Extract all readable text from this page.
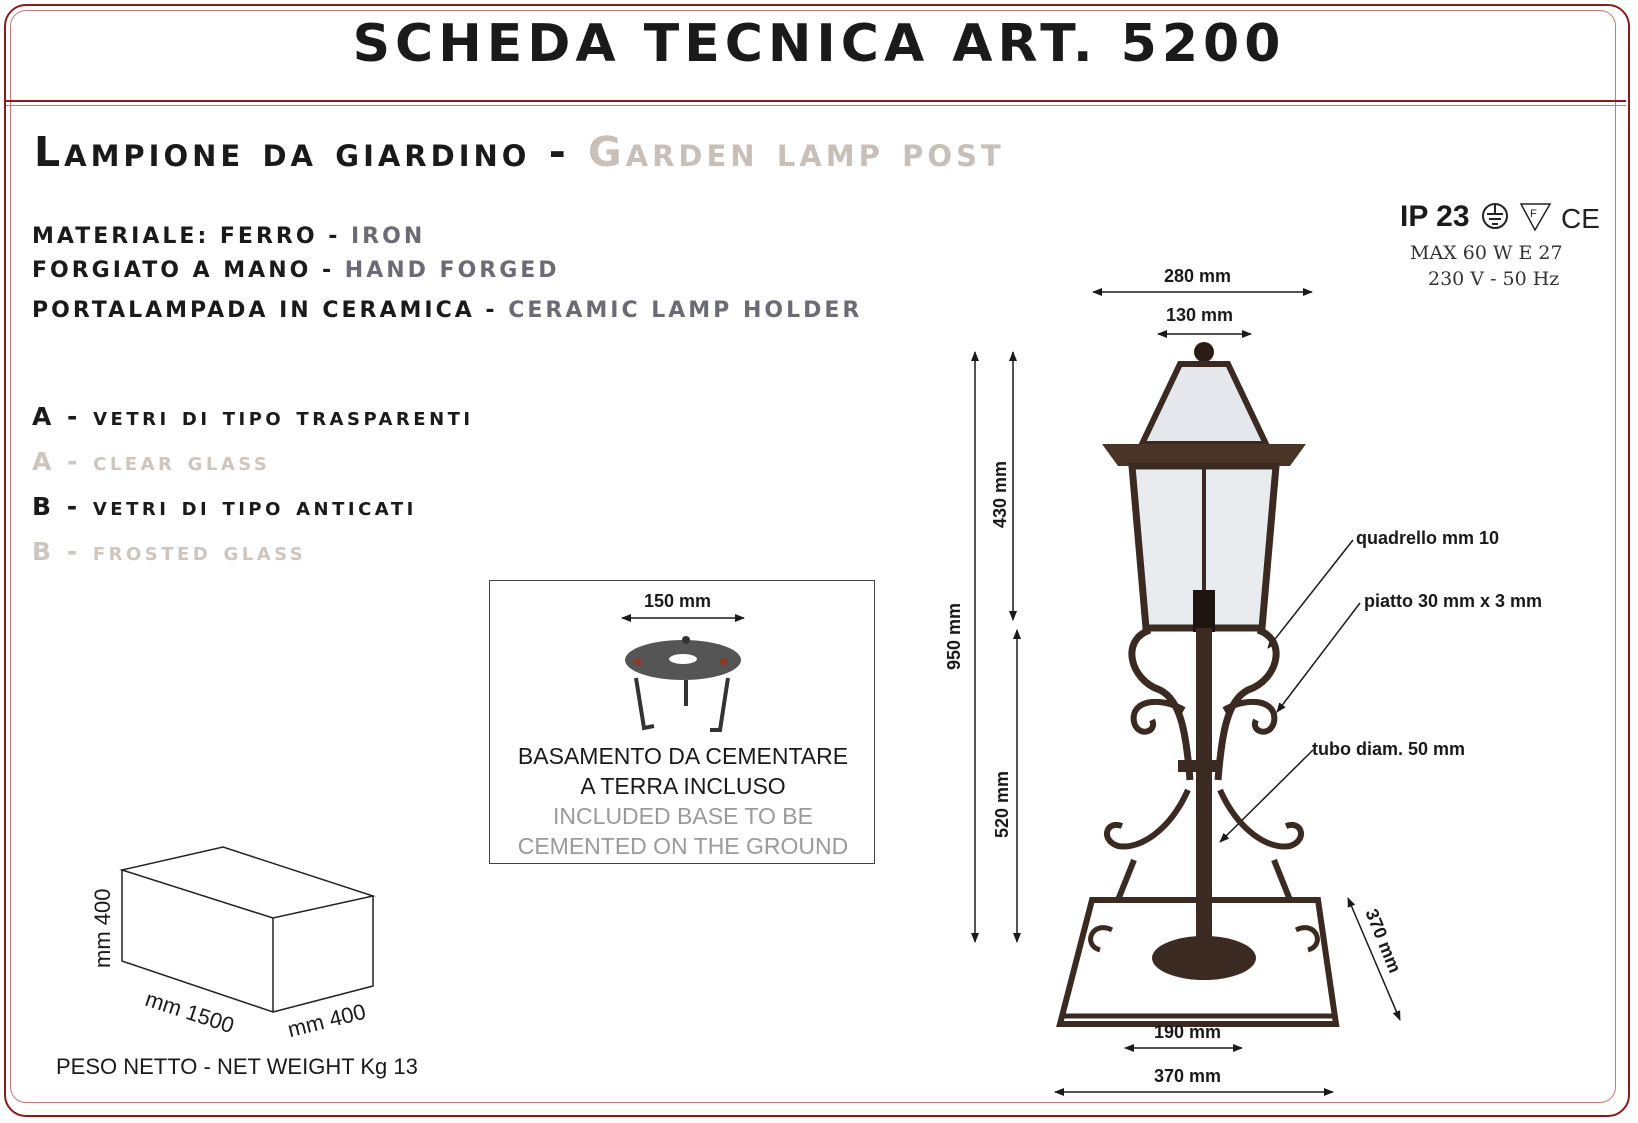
SCHEDA TECNICA ART. 5200
Lampione da giardino - Garden lamp post
MATERIALE: FERRO - IRON
FORGIATO A MANO - HAND FORGED
PORTALAMPADA IN CERAMICA - CERAMIC LAMP HOLDER
A - vetri di tipo trasparenti
A - clear glass
B - vetri di tipo anticati
B - frosted glass
IP 23
MAX 60 W E 27
230 V - 50 Hz
150 mm
BASAMENTO DA CEMENTARE
A TERRA INCLUSO
INCLUDED BASE TO BE
CEMENTED ON THE GROUND
F CE
280 mm
130 mm
950 mm
430 mm
520 mm
190 mm
370 mm
370 mm
quadrello mm 10
piatto 30 mm x 3 mm
tubo diam. 50 mm
mm 400
mm 1500 mm 400
PESO NETTO - NET WEIGHT Kg 13
